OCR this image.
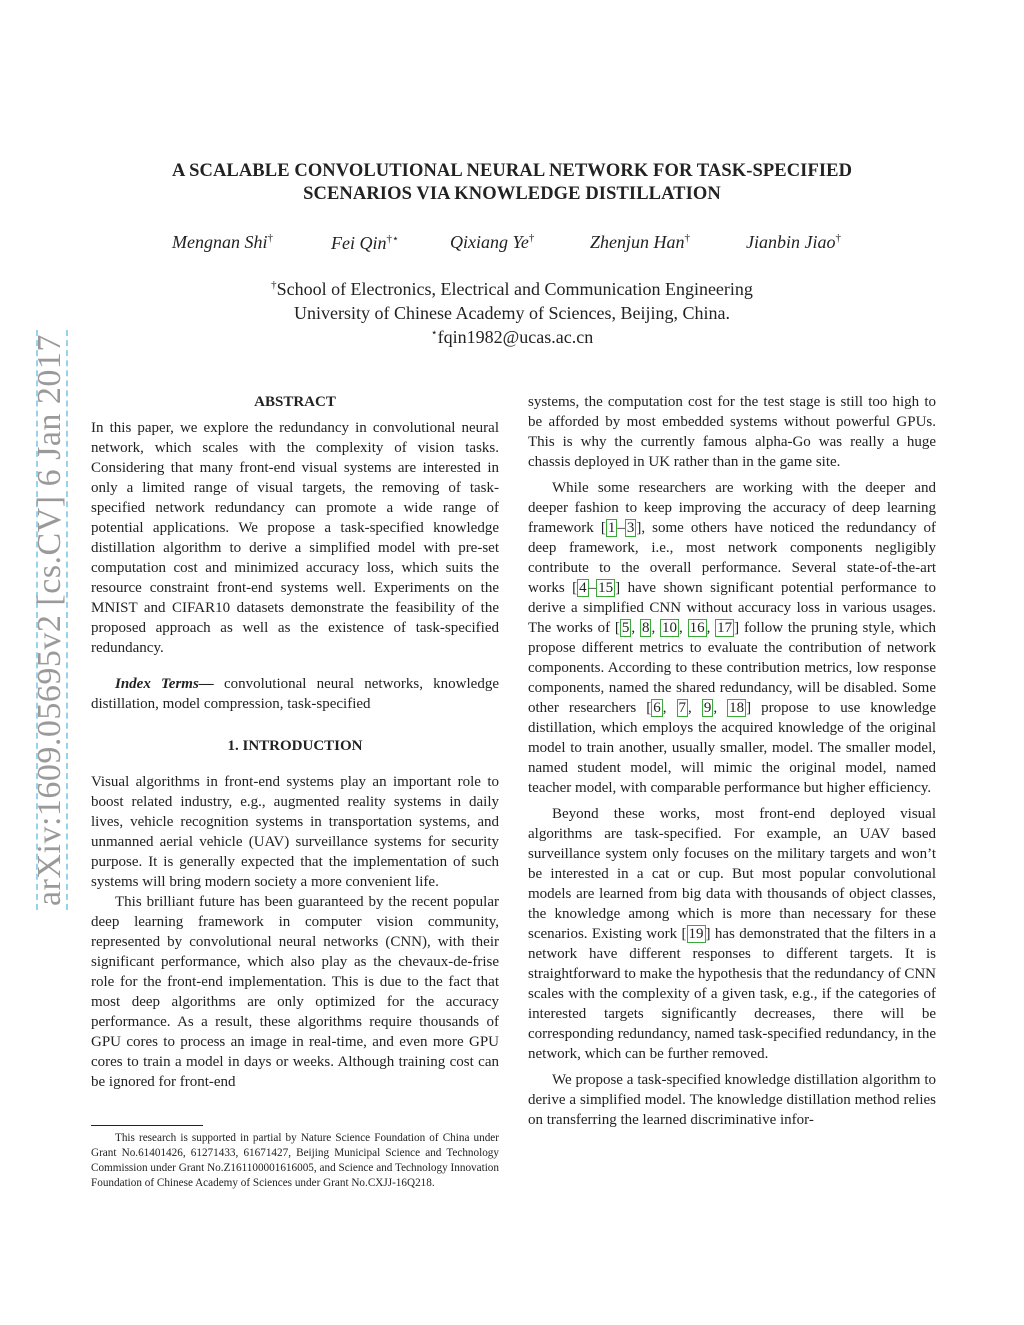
arXiv:1609.05695v2 [cs.CV] 6 Jan 2017
A SCALABLE CONVOLUTIONAL NEURAL NETWORK FOR TASK-SPECIFIED
SCENARIOS VIA KNOWLEDGE DISTILLATION
Mengnan Shi†	Fei Qin†⋆	Qixiang Ye†	Zhenjun Han†	Jianbin Jiao†
†School of Electronics, Electrical and Communication Engineering
University of Chinese Academy of Sciences, Beijing, China.
⋆fqin1982@ucas.ac.cn
ABSTRACT

In this paper, we explore the redundancy in convolutional neural network, which scales with the complexity of vision tasks. Considering that many front-end visual systems are interested in only a limited range of visual targets, the removing of task-specified network redundancy can promote a wide range of potential applications. We propose a task-specified knowledge distillation algorithm to derive a simplified model with pre-set computation cost and minimized accuracy loss, which suits the resource constraint front-end systems well. Experiments on the MNIST and CIFAR10 datasets demonstrate the feasibility of the proposed approach as well as the existence of task-specified redundancy.

Index Terms— convolutional neural networks, knowledge distillation, model compression, task-specified

1. INTRODUCTION

Visual algorithms in front-end systems play an important role to boost related industry, e.g., augmented reality systems in daily lives, vehicle recognition systems in transportation systems, and unmanned aerial vehicle (UAV) surveillance systems for security purpose. It is generally expected that the implementation of such systems will bring modern society a more convenient life.

This brilliant future has been guaranteed by the recent popular deep learning framework in computer vision community, represented by convolutional neural networks (CNN), with their significant performance, which also play as the chevaux-de-frise role for the front-end implementation. This is due to the fact that most deep algorithms are only optimized for the accuracy performance. As a result, these algorithms require thousands of GPU cores to process an image in real-time, and even more GPU cores to train a model in days or weeks. Although training cost can be ignored for front-end

This research is supported in partial by Nature Science Foundation of China under Grant No.61401426, 61271433, 61671427, Beijing Municipal Science and Technology Commission under Grant No.Z161100001616005, and Science and Technology Innovation Foundation of Chinese Academy of Sciences under Grant No.CXJJ-16Q218.

systems, the computation cost for the test stage is still too high to be afforded by most embedded systems without powerful GPUs. This is why the currently famous alpha-Go was really a huge chassis deployed in UK rather than in the game site.

While some researchers are working with the deeper and deeper fashion to keep improving the accuracy of deep learning framework [ 1 – 3 ], some others have noticed the redundancy of deep framework, i.e., most network components negligibly contribute to the overall performance. Several state-of-the-art works [ 4 – 15 ] have shown significant potential performance to derive a simplified CNN without accuracy loss in various usages. The works of [ 5 , 8 , 10 , 16 , 17 ] follow the pruning style, which propose different metrics to evaluate the contribution of network components. According to these contribution metrics, low response components, named the shared redundancy, will be disabled. Some other researchers [ 6 , 7 , 9 , 18 ] propose to use knowledge distillation, which employs the acquired knowledge of the original model to train another, usually smaller, model. The smaller model, named student model, will mimic the original model, named teacher model, with comparable performance but higher efficiency.

Beyond these works, most front-end deployed visual algorithms are task-specified. For example, an UAV based surveillance system only focuses on the military targets and won’t be interested in a cat or cup. But most popular convolutional models are learned from big data with thousands of object classes, the knowledge among which is more than necessary for these scenarios. Existing work [ 19 ] has demonstrated that the filters in a network have different responses to different targets. It is straightforward to make the hypothesis that the redundancy of CNN scales with the complexity of a given task, e.g., if the categories of interested targets significantly decreases, there will be corresponding redundancy, named task-specified redundancy, in the network, which can be further removed.

We propose a task-specified knowledge distillation algorithm to derive a simplified model. The knowledge distillation method relies on transferring the learned discriminative infor-
